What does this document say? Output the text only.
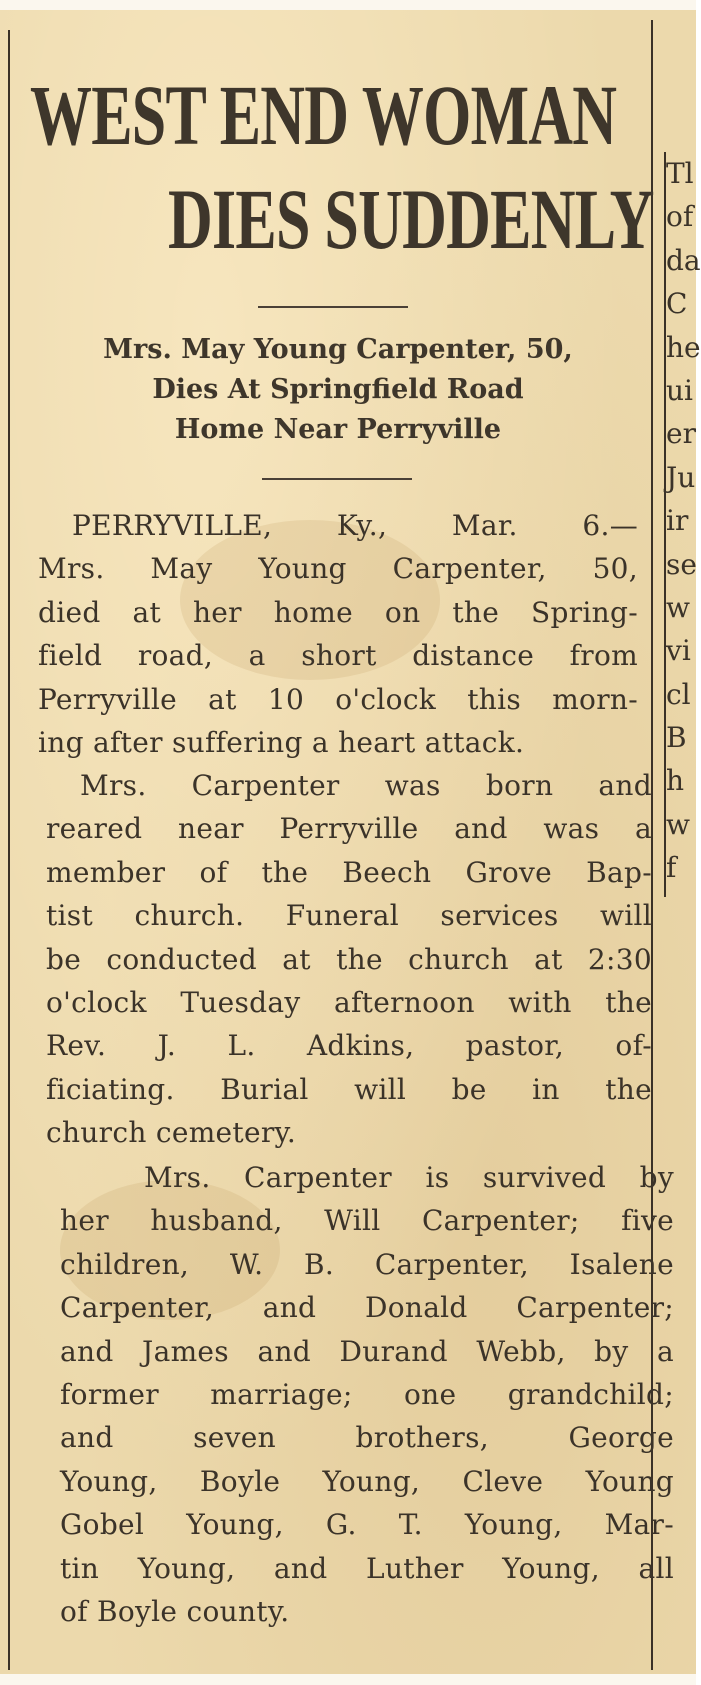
WEST END WOMAN
DIES SUDDENLY
Mrs. May Young Carpenter, 50,
Dies At Springfield Road
Home Near Perryville
PERRYVILLE, Ky., Mar. 6.—
Mrs. May Young Carpenter, 50,
died at her home on the Spring-
field road, a short distance from
Perryville at 10 o'clock this morn-
ing after suffering a heart attack.
Mrs. Carpenter was born and
reared near Perryville and was a
member of the Beech Grove Bap-
tist church. Funeral services will
be conducted at the church at 2:30
o'clock Tuesday afternoon with the
Rev. J. L. Adkins, pastor, of-
ficiating. Burial will be in the
church cemetery.
Mrs. Carpenter is survived by
her husband, Will Carpenter; five
children, W. B. Carpenter, Isalene
Carpenter, and Donald Carpenter;
and James and Durand Webb, by a
former marriage; one grandchild;
and seven brothers, George
Young, Boyle Young, Cleve Young
Gobel Young, G. T. Young, Mar-
tin Young, and Luther Young, all
of Boyle county.
Tl
of
da
C
he
ui
er
Ju
ir
se
w
vi
cl
B
h
w
f
